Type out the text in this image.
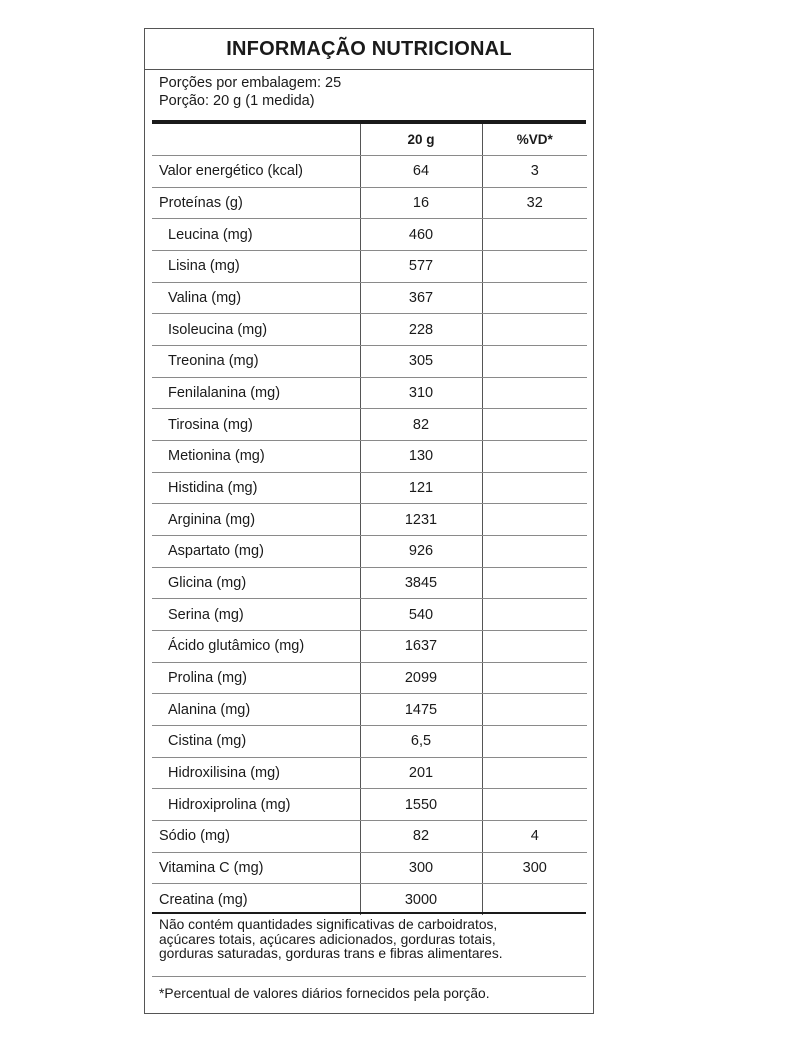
INFORMAÇÃO NUTRICIONAL
Porções por embalagem: 25
Porção: 20 g (1 medida)
	20 g	%VD*
Valor energético (kcal)	64	3
Proteínas (g)	16	32
Leucina (mg)	460	
Lisina (mg)	577	
Valina (mg)	367	
Isoleucina (mg)	228	
Treonina (mg)	305	
Fenilalanina (mg)	310	
Tirosina (mg)	82	
Metionina (mg)	130	
Histidina (mg)	121	
Arginina (mg)	1231	
Aspartato (mg)	926	
Glicina (mg)	3845	
Serina (mg)	540	
Ácido glutâmico (mg)	1637	
Prolina (mg)	2099	
Alanina (mg)	1475	
Cistina (mg)	6,5	
Hidroxilisina (mg)	201	
Hidroxiprolina (mg)	1550	
Sódio (mg)	82	4
Vitamina C (mg)	300	300
Creatina (mg)	3000	
Não contém quantidades significativas de carboidratos,
açúcares totais, açúcares adicionados, gorduras totais,
gorduras saturadas, gorduras trans e fibras alimentares.
*Percentual de valores diários fornecidos pela porção.
